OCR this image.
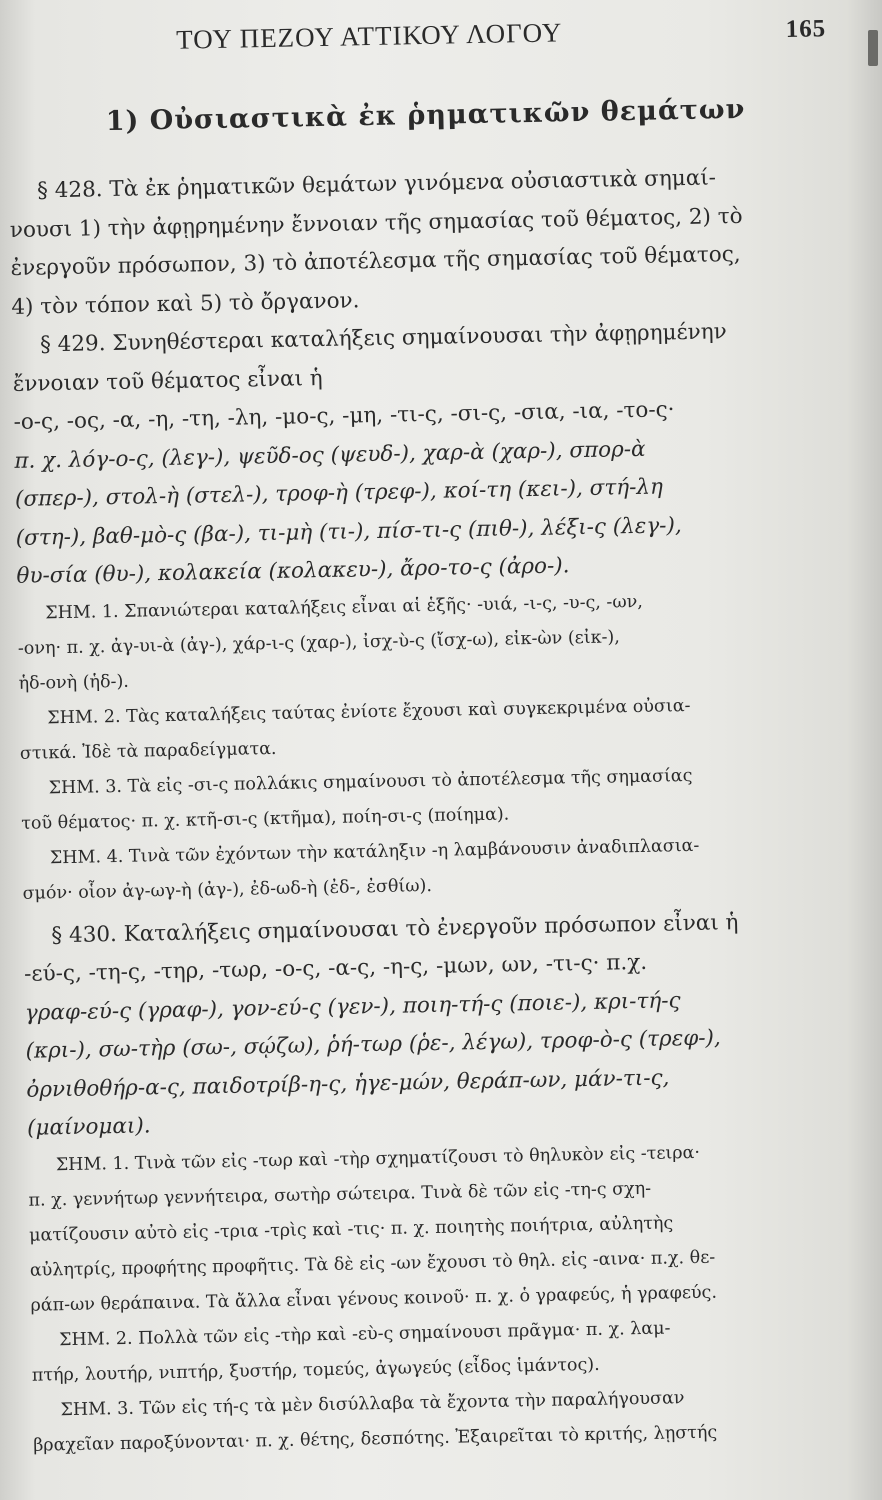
ΤΟΥ ΠΕΖΟΥ ΑΤΤΙΚΟΥ ΛΟΓΟΥ	165
1) Οὐσιαστικὰ ἐκ ῥηματικῶν θεμάτων
§ 428. Τὰ ἐκ ῥηματικῶν θεμάτων γινόμενα οὐσιαστικὰ σημαί-
νουσι 1) τὴν ἀφῃρημένην ἔννοιαν τῆς σημασίας τοῦ θέματος, 2) τὸ
ἐνεργοῦν πρόσωπον, 3) τὸ ἀποτέλεσμα τῆς σημασίας τοῦ θέματος,
4) τὸν τόπον καὶ 5) τὸ ὄργανον.
§ 429. Συνηθέστεραι καταλήξεις σημαίνουσαι τὴν ἀφῃρημένην
ἔννοιαν τοῦ θέματος εἶναι ἡ
-ο-ς, -ος, -α, -η, -τη, -λη, -μο-ς, -μη, -τι-ς, -σι-ς, -σια, -ια, -το-ς·
π. χ. λόγ-ο-ς, (λεγ-), ψεῦδ-ος (ψευδ-), χαρ-ὰ (χαρ-), σπορ-ὰ
(σπερ-), στολ-ὴ (στελ-), τροφ-ὴ (τρεφ-), κοί-τη (κει-), στή-λη
(στη-), βαθ-μὸ-ς (βα-), τι-μὴ (τι-), πίσ-τι-ς (πιθ-), λέξι-ς (λεγ-),
θυ-σία (θυ-), κολακεία (κολακευ-), ἄρο-το-ς (ἀρο-).
ΣΗΜ. 1. Σπανιώτεραι καταλήξεις εἶναι αἱ ἑξῆς· -υιά, -ι-ς, -υ-ς, -ων,
-ονη· π. χ. ἀγ-υι-ὰ (ἀγ-), χάρ-ι-ς (χαρ-), ἰσχ-ὺ-ς (ἴσχ-ω), εἰκ-ὼν (εἰκ-),
ἡδ-ονὴ (ἡδ-).
ΣΗΜ. 2. Τὰς καταλήξεις ταύτας ἐνίοτε ἔχουσι καὶ συγκεκριμένα οὐσια-
στικά. Ἰδὲ τὰ παραδείγματα.
ΣΗΜ. 3. Τὰ εἰς -σι-ς πολλάκις σημαίνουσι τὸ ἀποτέλεσμα τῆς σημασίας
τοῦ θέματος· π. χ. κτῆ-σι-ς (κτῆμα), ποίη-σι-ς (ποίημα).
ΣΗΜ. 4. Τινὰ τῶν ἐχόντων τὴν κατάληξιν -η λαμβάνουσιν ἀναδιπλασια-
σμόν· οἷον ἀγ-ωγ-ὴ (ἀγ-), ἐδ-ωδ-ὴ (ἐδ-, ἐσθίω).
§ 430. Καταλήξεις σημαίνουσαι τὸ ἐνεργοῦν πρόσωπον εἶναι ἡ
-εύ-ς, -τη-ς, -τηρ, -τωρ, -ο-ς, -α-ς, -η-ς, -μων, ων, -τι-ς· π.χ.
γραφ-εύ-ς (γραφ-), γον-εύ-ς (γεν-), ποιη-τή-ς (ποιε-), κρι-τή-ς
(κρι-), σω-τὴρ (σω-, σῴζω), ῥή-τωρ (ῥε-, λέγω), τροφ-ὸ-ς (τρεφ-),
ὀρνιθοθήρ-α-ς, παιδοτρίβ-η-ς, ἡγε-μών, θεράπ-ων, μάν-τι-ς,
(μαίνομαι).
ΣΗΜ. 1. Τινὰ τῶν εἰς -τωρ καὶ -τὴρ σχηματίζουσι τὸ θηλυκὸν εἰς -τειρα·
π. χ. γεννήτωρ γεννήτειρα, σωτὴρ σώτειρα. Τινὰ δὲ τῶν εἰς -τη-ς σχη-
ματίζουσιν αὐτὸ εἰς -τρια -τρὶς καὶ -τις· π. χ. ποιητὴς ποιήτρια, αὐλητὴς
αὐλητρίς, προφήτης προφῆτις. Τὰ δὲ εἰς -ων ἔχουσι τὸ θηλ. εἰς -αινα· π.χ. θε-
ράπ-ων θεράπαινα. Τὰ ἄλλα εἶναι γένους κοινοῦ· π. χ. ὁ γραφεύς, ἡ γραφεύς.
ΣΗΜ. 2. Πολλὰ τῶν εἰς -τὴρ καὶ -εὺ-ς σημαίνουσι πρᾶγμα· π. χ. λαμ-
πτήρ, λουτήρ, νιπτήρ, ξυστήρ, τομεύς, ἀγωγεύς (εἶδος ἱμάντος).
ΣΗΜ. 3. Τῶν εἰς τή-ς τὰ μὲν δισύλλαβα τὰ ἔχοντα τὴν παραλήγουσαν
βραχεῖαν παροξύνονται· π. χ. θέτης, δεσπότης. Ἐξαιρεῖται τὸ κριτής, λῃστής
